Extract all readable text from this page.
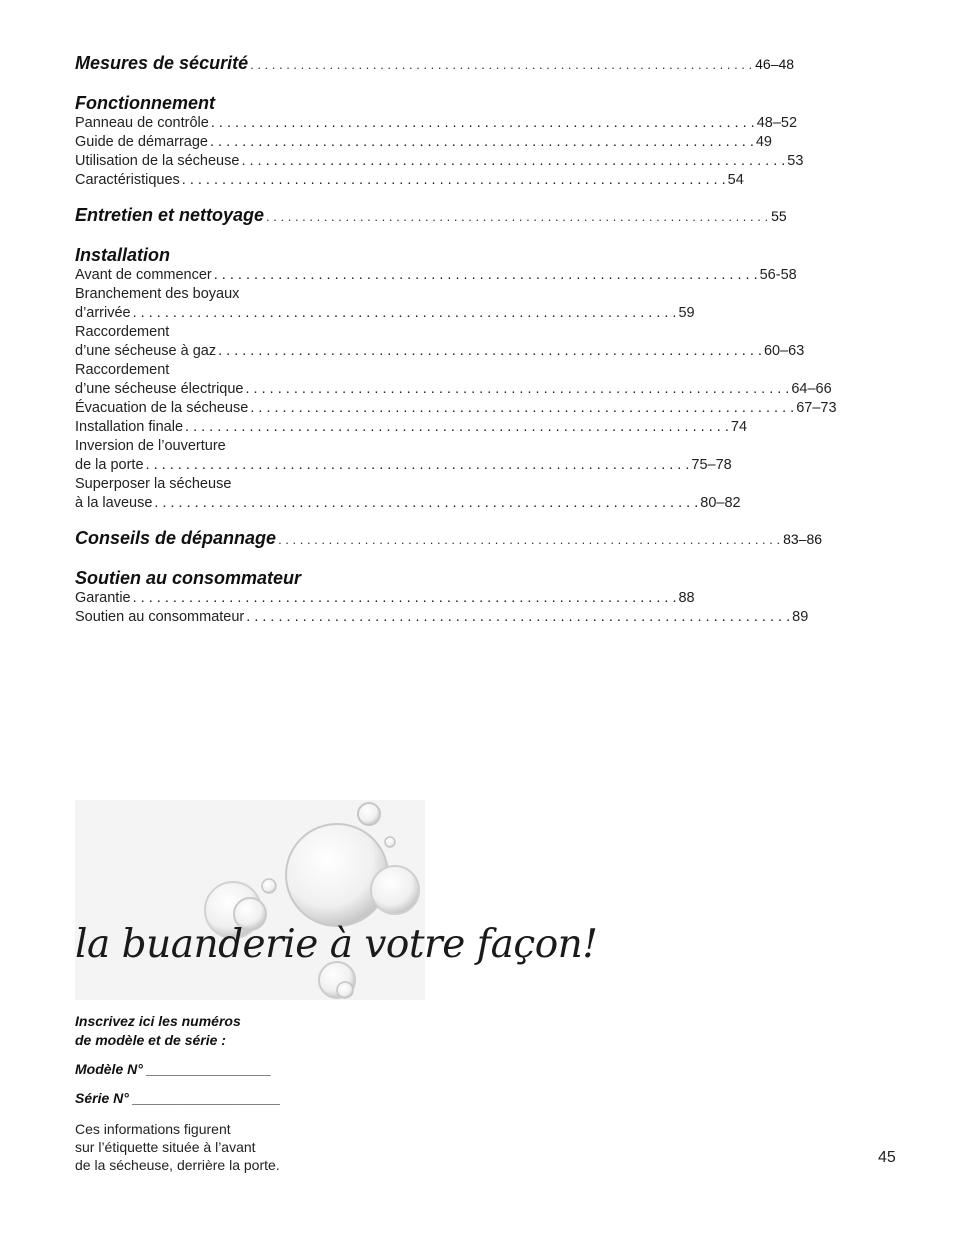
Mesures de sécurité . . .	46–48
Fonctionnement
Panneau de contrôle . . .	48–52
Guide de démarrage . . .	49
Utilisation de la sécheuse . . .	53
Caractéristiques . . .	54
Entretien et nettoyage . . .	55
Installation
Avant de commencer . . .	56-58
Branchement des boyaux
d’arrivée . . .	59
Raccordement
d’une sécheuse à gaz . . .	60–63
Raccordement
d’une sécheuse électrique . . .	64–66
Évacuation de la sécheuse . . .	67–73
Installation finale . . .	74
Inversion de l’ouverture
de la porte . . .	75–78
Superposer la sécheuse
à la laveuse . . .	80–82
Conseils de dépannage . . .	83–86
Soutien au consommateur
Garantie . . .	88
Soutien au consommateur . . .	89
la buanderie à votre façon!
Inscrivez ici les numéros
de modèle et de série :
Modèle N° ________________
Série N° ___________________
Ces informations figurent
sur l’étiquette située à l’avant
de la sécheuse, derrière la porte.	45
